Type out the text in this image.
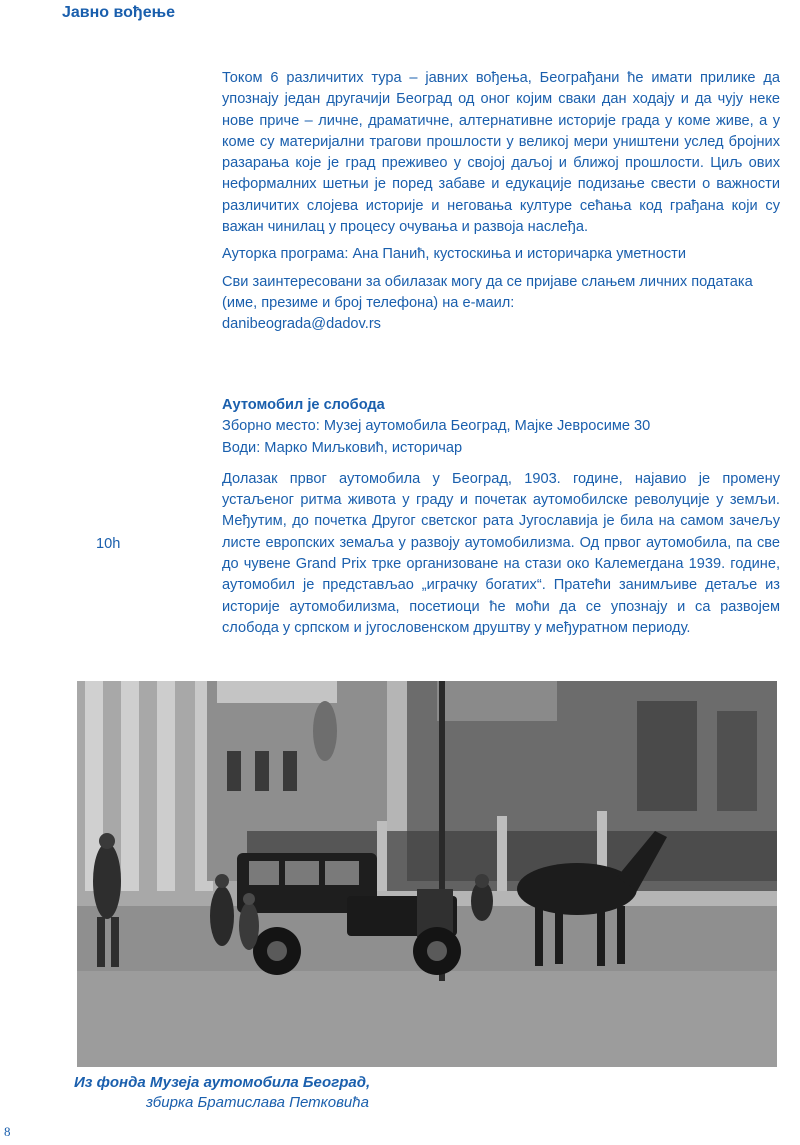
Јавно вођење

Током 6 различитих тура – јавних вођења, Београђани ће имати прилике да упознају један другачији Београд од оног којим сваки дан ходају и да чују неке нове приче – личне, драматичне, алтернативне историје града у коме живе, а у коме су материјални трагови прошлости у великој мери уништени услед бројних разарања које је град преживео у својој даљој и ближој прошлости. Циљ ових неформалних шетњи је поред забаве и едукације подизање свести о важности различитих слојева историје и неговања културе сећања код грађана који су важан чинилац у процесу очувања и развоја наслеђа.

Ауторка програма: Ана Панић, кустоскиња и историчарка уметности

Сви заинтересовани за обилазак могу да се пријаве слањем личних података (име, презиме и број телефона) на е-маил:
danibeograda@dadov.rs

10h

Аутомобил је слобода

Зборно место: Музеј аутомобила Београд, Мајке Јевросиме 30

Води: Марко Миљковић, историчар

Долазак првог аутомобила у Београд, 1903. године, најавио је промену устаљеног ритма живота у граду и почетак аутомобилске револуције у земљи. Међутим, до почетка Другог светског рата Југославија је била на самом зачељу листе европских земаља у развоју аутомобилизма. Од првог аутомобила, па све до чувене Grand Prix трке организоване на стази око Калемегдана 1939. године, аутомобил је представљао „играчку богатих“. Пратећи занимљиве детаље из историје аутомобилизма, посетиоци ће моћи да се упознају и са развојем слобода у српском и југословенском друштву у међуратном периоду.

Из фонда Музеја аутомобила Београд,
збирка Братислава Петковића
8
